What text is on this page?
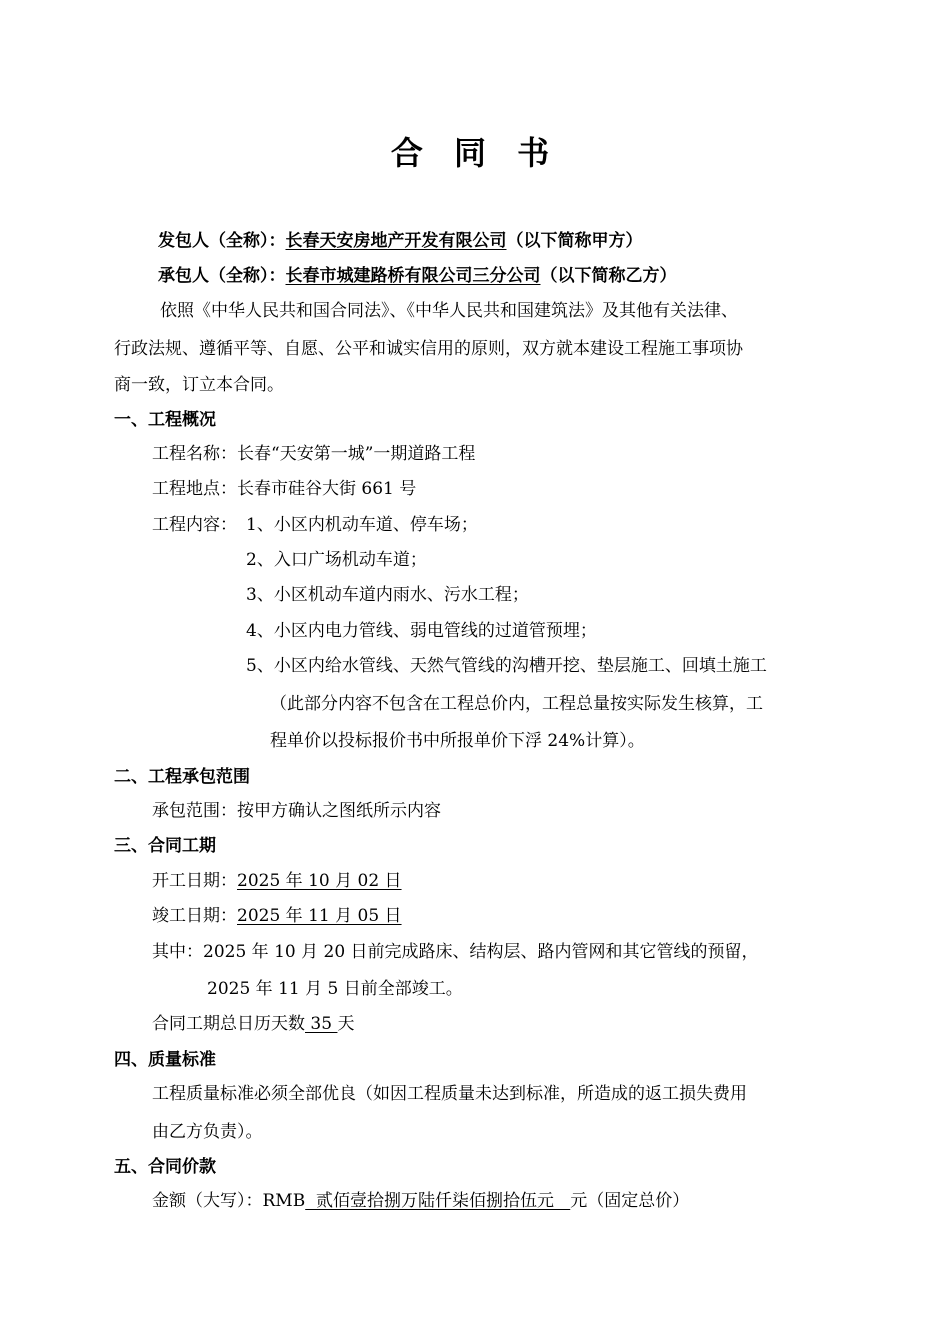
合 同 书
发包人（全称）：长春天安房地产开发有限公司（以下简称甲方）
承包人（全称）：长春市城建路桥有限公司三分公司（以下简称乙方）
依照《中华人民共和国合同法》、《中华人民共和国建筑法》及其他有关法律、
行政法规、遵循平等、自愿、公平和诚实信用的原则，双方就本建设工程施工事项协
商一致，订立本合同。
一、工程概况
工程名称：长春“天安第一城”一期道路工程
工程地点：长春市硅谷大街 661 号
工程内容： 1、小区内机动车道、停车场；
2、入口广场机动车道；
3、小区机动车道内雨水、污水工程；
4、小区内电力管线、弱电管线的过道管预埋；
5、小区内给水管线、天然气管线的沟槽开挖、垫层施工、回填土施工
（此部分内容不包含在工程总价内，工程总量按实际发生核算，工
程单价以投标报价书中所报单价下浮 24%计算）。
二、工程承包范围
承包范围：按甲方确认之图纸所示内容
三、合同工期
开工日期：2025 年 10 月 02 日
竣工日期：2025 年 11 月 05 日
其中：2025 年 10 月 20 日前完成路床、结构层、路内管网和其它管线的预留，
2025 年 11 月 5 日前全部竣工。
合同工期总日历天数 35 天
四、质量标准
工程质量标准必须全部优良（如因工程质量未达到标准，所造成的返工损失费用
由乙方负责）。
五、合同价款
金额（大写）：RMB  贰佰壹拾捌万陆仟柒佰捌拾伍元   元（固定总价）
